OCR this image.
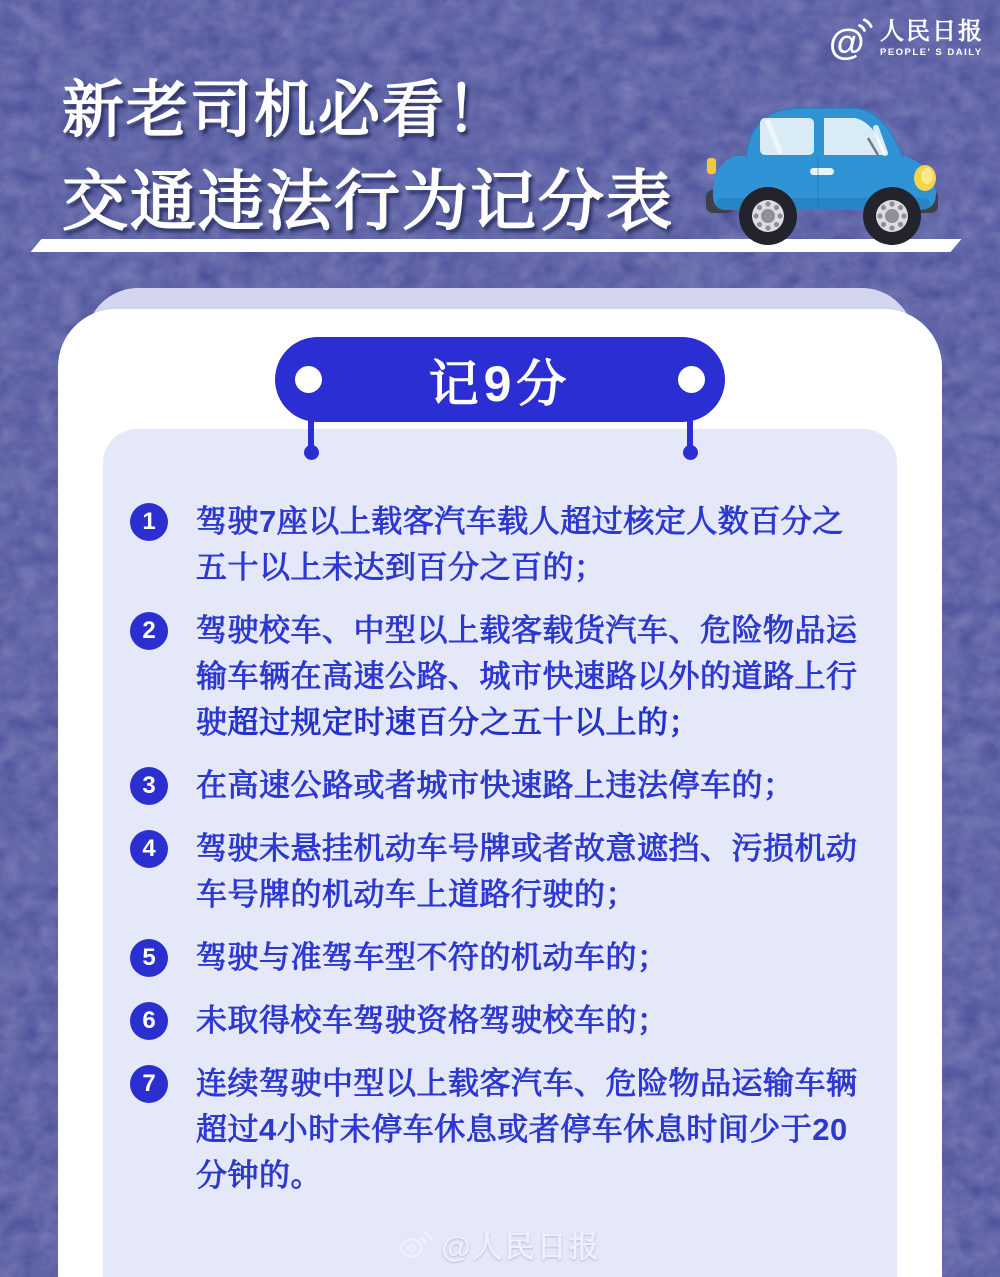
@ 人民日报
PEOPLE' S DAILY
新老司机必看！
交通违法行为记分表
记9分
1	驾驶7座以上载客汽车载人超过核定人数百分之五十以上未达到百分之百的；

2	驾驶校车、中型以上载客载货汽车、危险物品运输车辆在高速公路、城市快速路以外的道路上行驶超过规定时速百分之五十以上的；

3	在高速公路或者城市快速路上违法停车的；

4	驾驶未悬挂机动车号牌或者故意遮挡、污损机动车号牌的机动车上道路行驶的；

5	驾驶与准驾车型不符的机动车的；

6	未取得校车驾驶资格驾驶校车的；

7	连续驾驶中型以上载客汽车、危险物品运输车辆超过4小时未停车休息或者停车休息时间少于20分钟的。

@人民日报
